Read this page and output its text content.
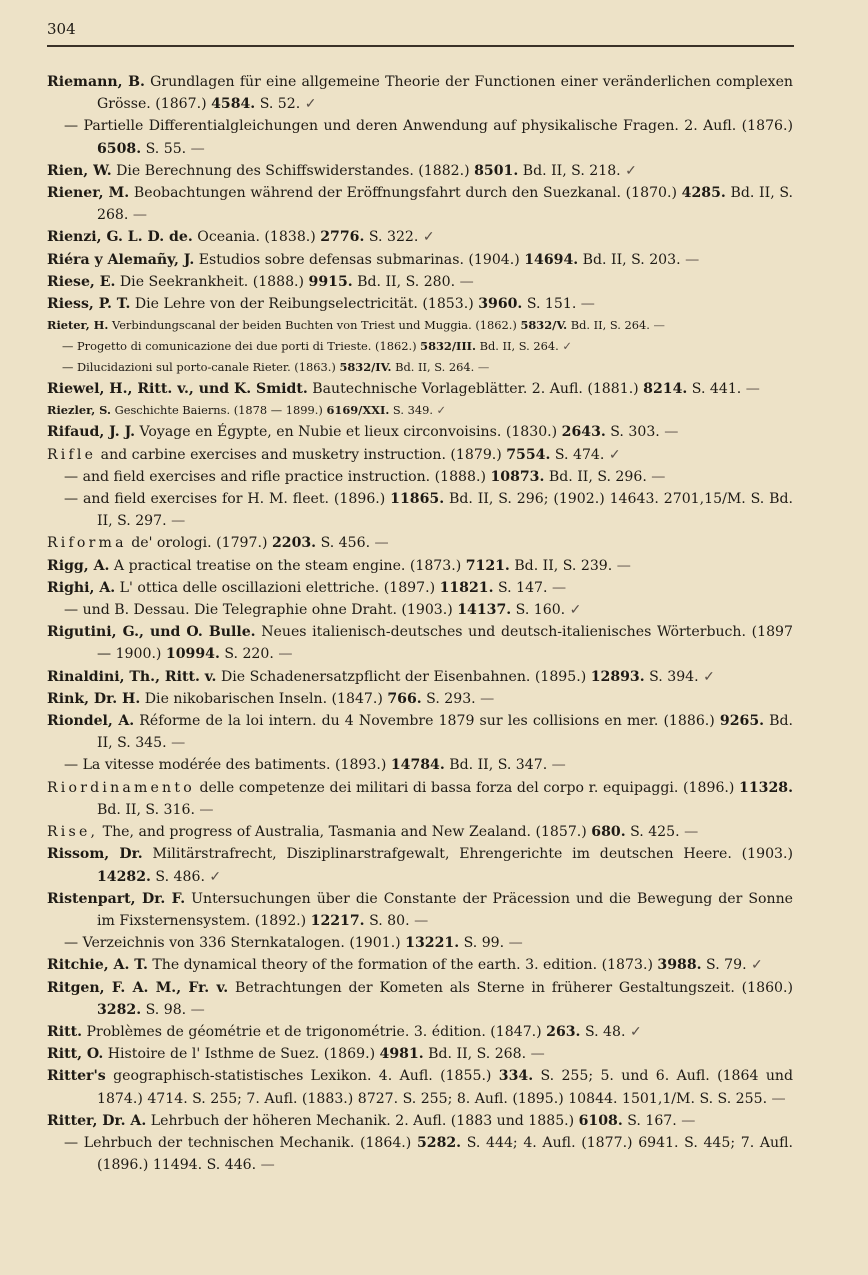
304

Riemann, B. Grundlagen für eine allgemeine Theorie der Functionen einer veränderlichen complexen Grösse. (1867.) 4584. S. 52. ✓

— Partielle Differentialgleichungen und deren Anwendung auf physikalische Fragen. 2. Aufl. (1876.) 6508. S. 55. —

Rien, W. Die Berechnung des Schiffswiderstandes. (1882.) 8501. Bd. II, S. 218. ✓

Riener, M. Beobachtungen während der Eröffnungsfahrt durch den Suezkanal. (1870.) 4285. Bd. II, S. 268. —

Rienzi, G. L. D. de. Oceania. (1838.) 2776. S. 322. ✓

Riéra y Alemañy, J. Estudios sobre defensas submarinas. (1904.) 14694. Bd. II, S. 203. —

Riese, E. Die Seekrankheit. (1888.) 9915. Bd. II, S. 280. —

Riess, P. T. Die Lehre von der Reibungselectricität. (1853.) 3960. S. 151. —

Rieter, H. Verbindungscanal der beiden Buchten von Triest und Muggia. (1862.) 5832/V. Bd. II, S. 264. —

— Progetto di comunicazione dei due porti di Trieste. (1862.) 5832/III. Bd. II, S. 264. ✓

— Dilucidazioni sul porto-canale Rieter. (1863.) 5832/IV. Bd. II, S. 264. —

Riewel, H., Ritt. v., und K. Smidt. Bautechnische Vorlageblätter. 2. Aufl. (1881.) 8214. S. 441. —

Riezler, S. Geschichte Baierns. (1878 — 1899.) 6169/XXI. S. 349. ✓

Rifaud, J. J. Voyage en Égypte, en Nubie et lieux circonvoisins. (1830.) 2643. S. 303. —

Rifle and carbine exercises and musketry instruction. (1879.) 7554. S. 474. ✓

— and field exercises and rifle practice instruction. (1888.) 10873. Bd. II, S. 296. —

— and field exercises for H. M. fleet. (1896.) 11865. Bd. II, S. 296; (1902.) 14643. 2701,15/M. S. Bd. II, S. 297. —

Riforma de' orologi. (1797.) 2203. S. 456. —

Rigg, A. A practical treatise on the steam engine. (1873.) 7121. Bd. II, S. 239. —

Righi, A. L' ottica delle oscillazioni elettriche. (1897.) 11821. S. 147. —

— und B. Dessau. Die Telegraphie ohne Draht. (1903.) 14137. S. 160. ✓

Rigutini, G., und O. Bulle. Neues italienisch-deutsches und deutsch-italienisches Wörterbuch. (1897 — 1900.) 10994. S. 220. —

Rinaldini, Th., Ritt. v. Die Schadenersatzpflicht der Eisenbahnen. (1895.) 12893. S. 394. ✓

Rink, Dr. H. Die nikobarischen Inseln. (1847.) 766. S. 293. —

Riondel, A. Réforme de la loi intern. du 4 Novembre 1879 sur les collisions en mer. (1886.) 9265. Bd. II, S. 345. —

— La vitesse modérée des batiments. (1893.) 14784. Bd. II, S. 347. —

Riordinamento delle competenze dei militari di bassa forza del corpo r. equipaggi. (1896.) 11328. Bd. II, S. 316. —

Rise, The, and progress of Australia, Tasmania and New Zealand. (1857.) 680. S. 425. —

Rissom, Dr. Militärstrafrecht, Disziplinarstrafgewalt, Ehrengerichte im deutschen Heere. (1903.) 14282. S. 486. ✓

Ristenpart, Dr. F. Untersuchungen über die Constante der Präcession und die Bewegung der Sonne im Fixsternensystem. (1892.) 12217. S. 80. —

— Verzeichnis von 336 Sternkatalogen. (1901.) 13221. S. 99. —

Ritchie, A. T. The dynamical theory of the formation of the earth. 3. edition. (1873.) 3988. S. 79. ✓

Ritgen, F. A. M., Fr. v. Betrachtungen der Kometen als Sterne in früherer Gestaltungszeit. (1860.) 3282. S. 98. —

Ritt. Problèmes de géométrie et de trigonométrie. 3. édition. (1847.) 263. S. 48. ✓

Ritt, O. Histoire de l' Isthme de Suez. (1869.) 4981. Bd. II, S. 268. —

Ritter's geographisch-statistisches Lexikon. 4. Aufl. (1855.) 334. S. 255; 5. und 6. Aufl. (1864 und 1874.) 4714. S. 255; 7. Aufl. (1883.) 8727. S. 255; 8. Aufl. (1895.) 10844. 1501,1/M. S. S. 255. —

Ritter, Dr. A. Lehrbuch der höheren Mechanik. 2. Aufl. (1883 und 1885.) 6108. S. 167. —

— Lehrbuch der technischen Mechanik. (1864.) 5282. S. 444; 4. Aufl. (1877.) 6941. S. 445; 7. Aufl. (1896.) 11494. S. 446. —
